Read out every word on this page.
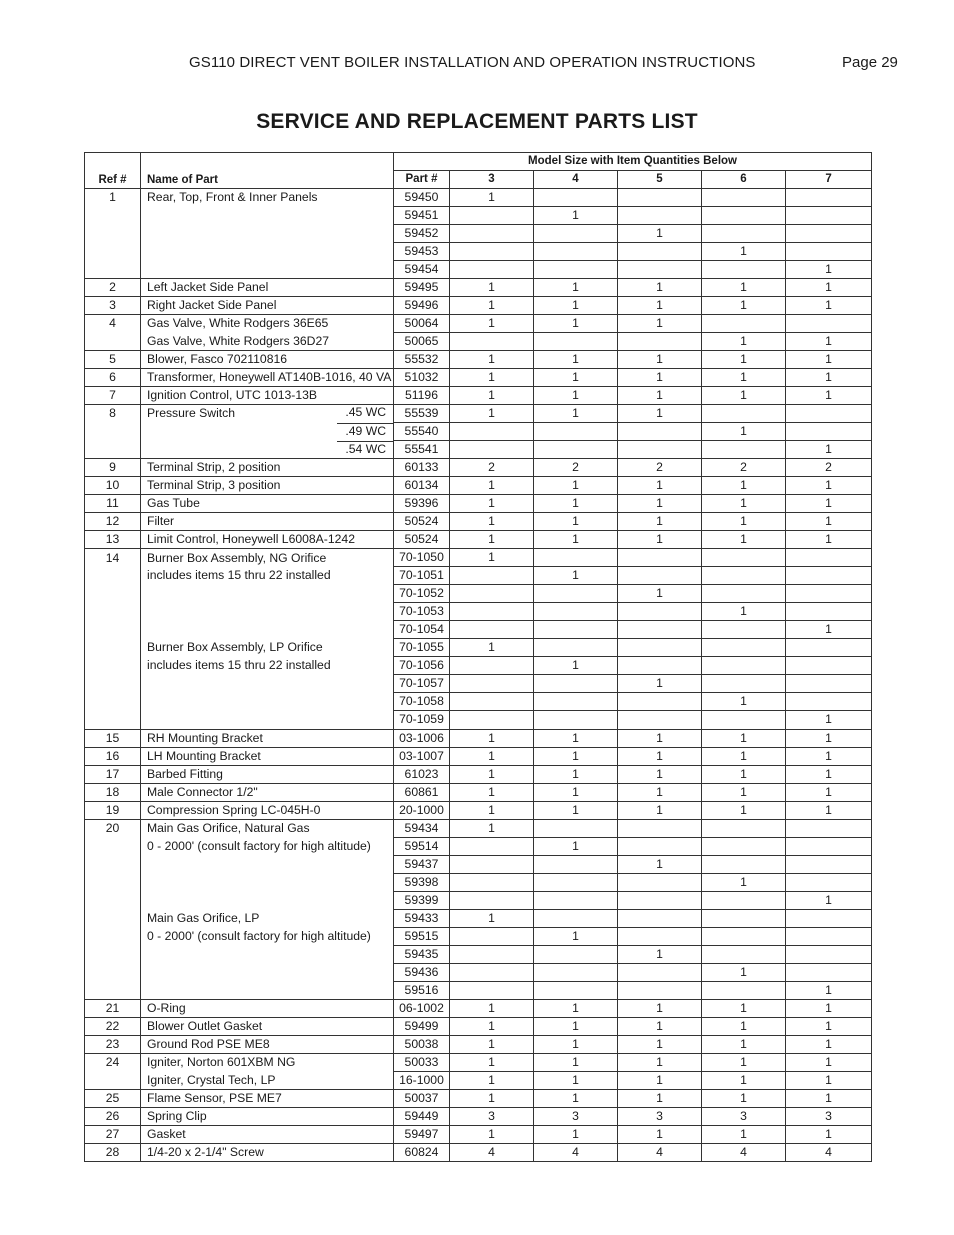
GS110 DIRECT VENT BOILER INSTALLATION AND OPERATION INSTRUCTIONS	Page 29
SERVICE AND REPLACEMENT PARTS LIST
Ref #	Name of Part	Model Size with Item Quantities Below					
		Part #	3	4	5	6	7
1	Rear, Top, Front & Inner Panels	59450	1				
		59451		1			
		59452			1		
		59453				1	
		59454					1
2	Left Jacket Side Panel	59495	1	1	1	1	1
3	Right Jacket Side Panel	59496	1	1	1	1	1
4	Gas Valve, White Rodgers 36E65	50064	1	1	1		
	Gas Valve, White Rodgers 36D27	50065				1	1
5	Blower, Fasco 702110816	55532	1	1	1	1	1
6	Transformer, Honeywell AT140B-1016, 40 VA	51032	1	1	1	1	1
7	Ignition Control, UTC 1013-13B	51196	1	1	1	1	1
8	Pressure Switch .45 WC	55539	1	1	1		

	.49 WC	55540				1	

	.54 WC	55541					1
9	Terminal Strip, 2 position	60133	2	2	2	2	2
10	Terminal Strip, 3 position	60134	1	1	1	1	1
11	Gas Tube	59396	1	1	1	1	1
12	Filter	50524	1	1	1	1	1
13	Limit Control, Honeywell L6008A-1242	50524	1	1	1	1	1
14	Burner Box Assembly, NG Orifice	70-1050	1				
	includes items 15 thru 22 installed	70-1051		1			
		70-1052			1		
		70-1053				1	
		70-1054					1
	Burner Box Assembly, LP Orifice	70-1055	1				
	includes items 15 thru 22 installed	70-1056		1			
		70-1057			1		
		70-1058				1	
		70-1059					1
15	RH Mounting Bracket	03-1006	1	1	1	1	1
16	LH Mounting Bracket	03-1007	1	1	1	1	1
17	Barbed Fitting	61023	1	1	1	1	1
18	Male Connector 1/2"	60861	1	1	1	1	1
19	Compression Spring LC-045H-0	20-1000	1	1	1	1	1
20	Main Gas Orifice, Natural Gas	59434	1				
	0 - 2000' (consult factory for high altitude)	59514		1			
		59437			1		
		59398				1	
		59399					1
	Main Gas Orifice, LP	59433	1				
	0 - 2000' (consult factory for high altitude)	59515		1			
		59435			1		
		59436				1	
		59516					1
21	O-Ring	06-1002	1	1	1	1	1
22	Blower Outlet Gasket	59499	1	1	1	1	1
23	Ground Rod PSE ME8	50038	1	1	1	1	1
24	Igniter, Norton 601XBM NG	50033	1	1	1	1	1
	Igniter, Crystal Tech, LP	16-1000	1	1	1	1	1
25	Flame Sensor, PSE ME7	50037	1	1	1	1	1
26	Spring Clip	59449	3	3	3	3	3
27	Gasket	59497	1	1	1	1	1
28	1/4-20 x 2-1/4" Screw	60824	4	4	4	4	4
